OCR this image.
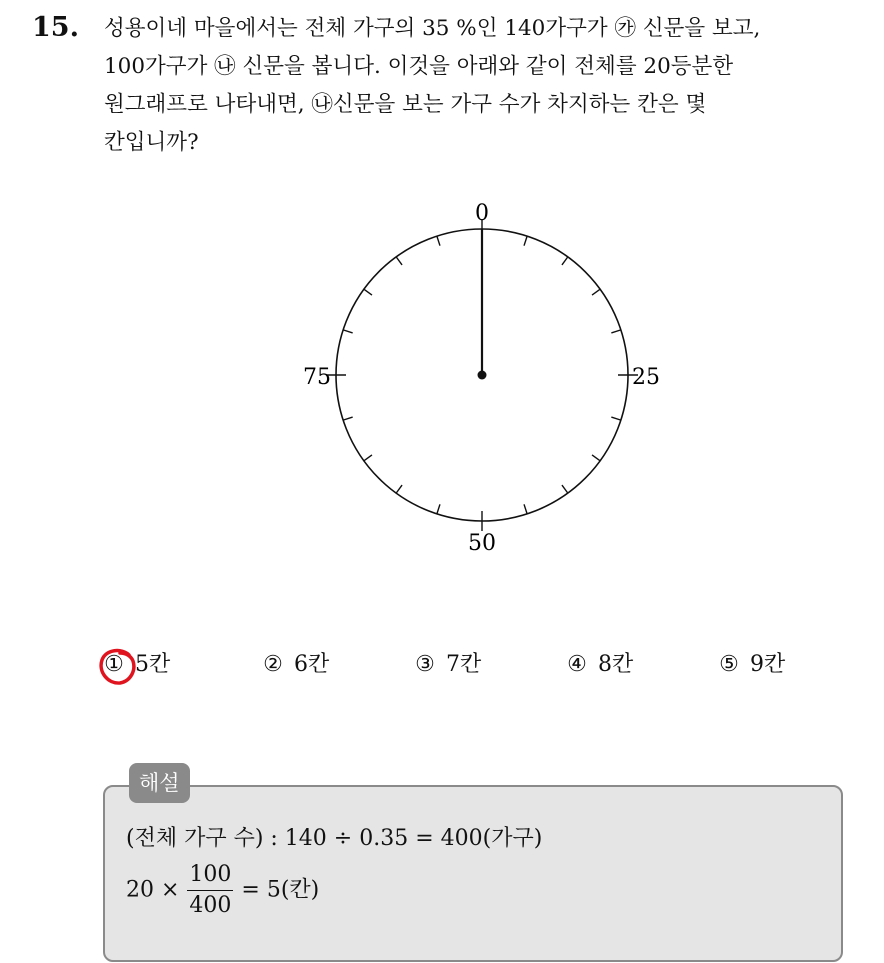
15. 성용이네 마을에서는 전체 가구의 35 %인 140가구가 ㉮ 신문을 보고,
100가구가 ㉯ 신문을 봅니다. 이것을 아래와 같이 전체를 20등분한
원그래프로 나타내면, ㉯신문을 보는 가구 수가 차지하는 칸은 몇
칸입니까?
0
25
50
75
① 5칸	② 6칸	③ 7칸	④ 8칸	⑤ 9칸
해설
(전체 가구 수) : 140 ÷ 0.35 = 400(가구)
$20 \times \frac{100}{400} = 5$(칸)
